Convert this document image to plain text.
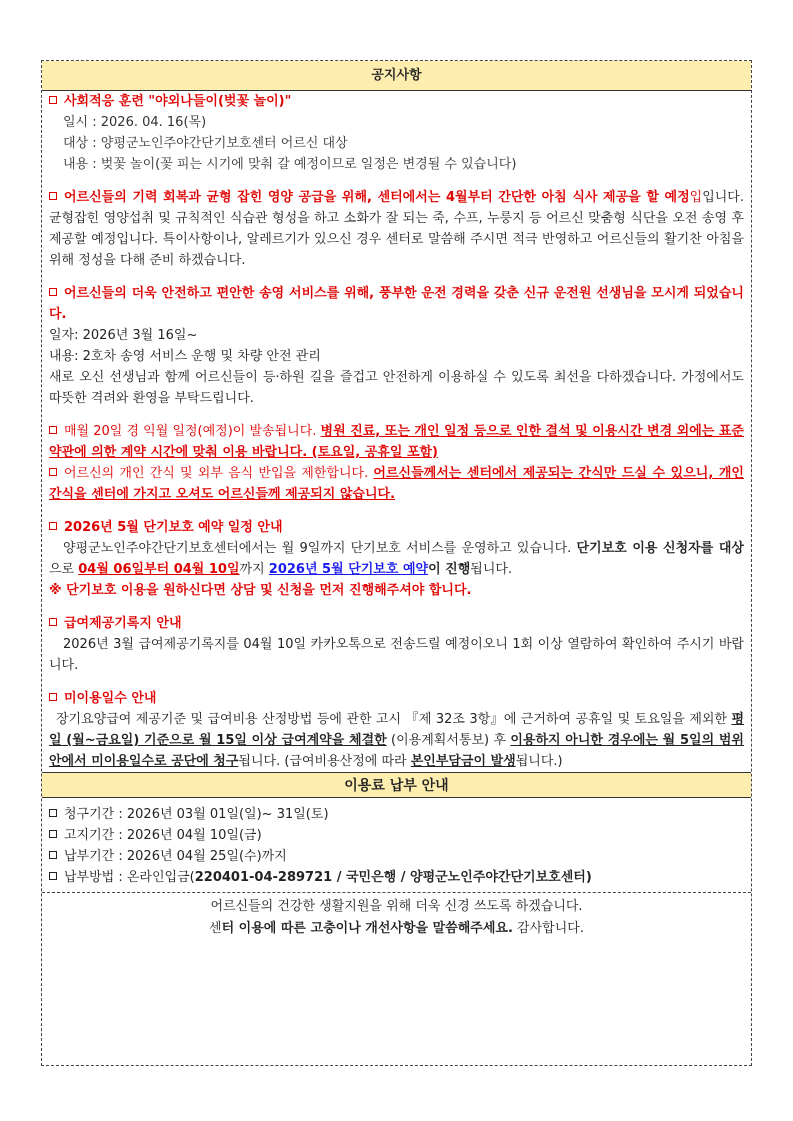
공지사항

사회적응 훈련 "야외나들이(벚꽃 놀이)"

일시 : 2026. 04. 16(목)

대상 : 양평군노인주야간단기보호센터 어르신 대상

내용 : 벚꽃 놀이(꽃 피는 시기에 맞춰 갈 예정이므로 일정은 변경될 수 있습니다)

어르신들의 기력 회복과 균형 잡힌 영양 공급을 위해, 센터에서는 4월부터 간단한 아침 식사 제공을 할 예정입입니다. 균형잡힌 영양섭취 및 규칙적인 식습관 형성을 하고 소화가 잘 되는 죽, 수프, 누룽지 등 어르신 맞춤형 식단을 오전 송영 후 제공할 예정입니다. 특이사항이나, 알레르기가 있으신 경우 센터로 말씀해 주시면 적극 반영하고 어르신들의 활기찬 아침을 위해 정성을 다해 준비 하겠습니다.

어르신들의 더욱 안전하고 편안한 송영 서비스를 위해, 풍부한 운전 경력을 갖춘 신규 운전원 선생님을 모시게 되었습니다.

일자: 2026년 3월 16일~

내용: 2호차 송영 서비스 운행 및 차량 안전 관리

새로 오신 선생님과 함께 어르신들이 등·하원 길을 즐겁고 안전하게 이용하실 수 있도록 최선을 다하겠습니다. 가정에서도 따뜻한 격려와 환영을 부탁드립니다.

매월 20일 경 익월 일정(예정)이 발송됩니다. 병원 진료, 또는 개인 일정 등으로 인한 결석 및 이용시간 변경 외에는 표준약관에 의한 계약 시간에 맞춰 이용 바랍니다. (토요일, 공휴일 포함)

어르신의 개인 간식 및 외부 음식 반입을 제한합니다. 어르신들께서는 센터에서 제공되는 간식만 드실 수 있으니, 개인 간식을 센터에 가지고 오셔도 어르신들께 제공되지 않습니다.

2026년 5월 단기보호 예약 일정 안내

양평군노인주야간단기보호센터에서는 월 9일까지 단기보호 서비스를 운영하고 있습니다. 단기보호 이용 신청자를 대상으로 04월 06일부터 04월 10일까지 2026년 5월 단기보호 예약이 진행됩니다.

※ 단기보호 이용을 원하신다면 상담 및 신청을 먼저 진행해주셔야 합니다.

급여제공기록지 안내

2026년 3월 급여제공기록지를 04월 10일 카카오톡으로 전송드릴 예정이오니 1회 이상 열람하여 확인하여 주시기 바랍니다.

미이용일수 안내

장기요양급여 제공기준 및 급여비용 산정방법 등에 관한 고시 『제 32조 3항』에 근거하여 공휴일 및 토요일을 제외한 평일 (월~금요일) 기준으로 월 15일 이상 급여계약을 체결한 (이용계획서통보) 후 이용하지 아니한 경우에는 월 5일의 범위 안에서 미이용일수로 공단에 청구됩니다. (급여비용산정에 따라 본인부담금이 발생됩니다.)

이용료 납부 안내

청구기간 : 2026년 03월 01일(일)~ 31일(토)

고지기간 : 2026년 04월 10일(금)

납부기간 : 2026년 04월 25일(수)까지

납부방법 : 온라인입금(220401-04-289721 / 국민은행 / 양평군노인주야간단기보호센터)

어르신들의 건강한 생활지원을 위해 더욱 신경 쓰도록 하겠습니다.

센터 이용에 따른 고충이나 개선사항을 말씀해주세요. 감사합니다.
